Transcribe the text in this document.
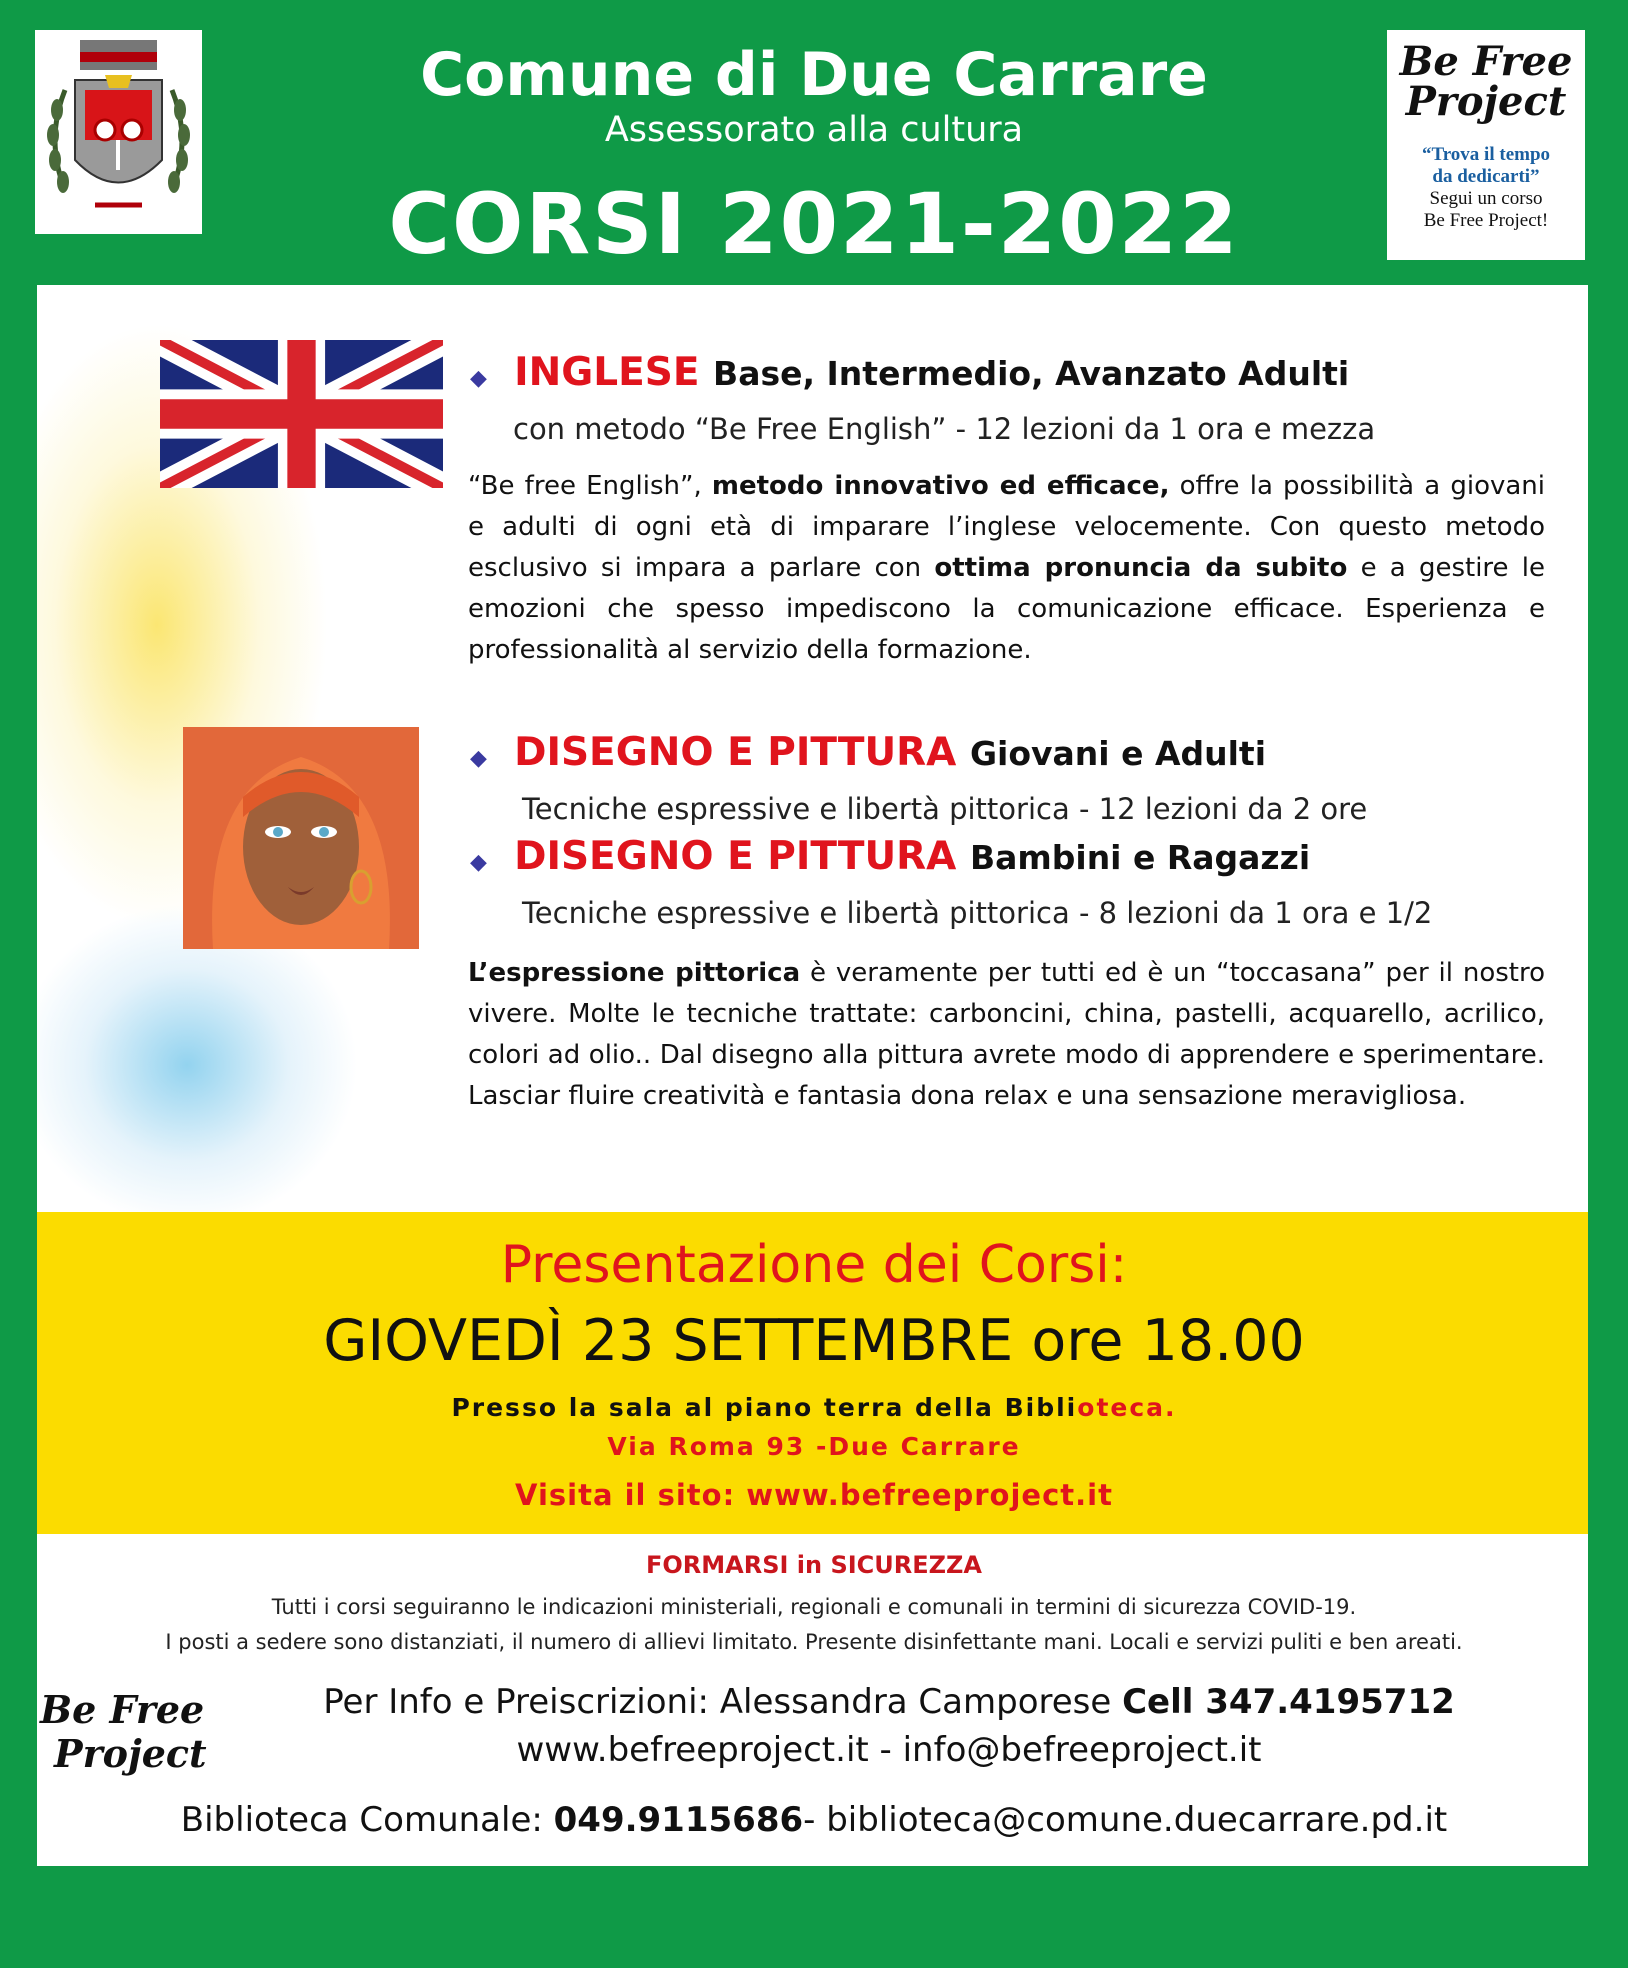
Comune di Due Carrare
Assessorato alla cultura
CORSI 2021-2022
Be Free
Project
“Trova il tempo
da dedicarti”
Segui un corso
Be Free Project!
◆ INGLESE Base, Intermedio, Avanzato Adulti
con metodo “Be Free English” - 12 lezioni da 1 ora e mezza
“Be free English”, metodo innovativo ed efficace, offre la possibilità a giovani e adulti di ogni età di imparare l’inglese velocemente. Con questo metodo esclusivo si impara a parlare con ottima pronuncia da subito e a gestire le emozioni che spesso impediscono la comunicazione efficace. Esperienza e professionalità al servizio della formazione.
◆ DISEGNO E PITTURA Giovani e Adulti
Tecniche espressive e libertà pittorica - 12 lezioni da 2 ore
◆ DISEGNO E PITTURA Bambini e Ragazzi
Tecniche espressive e libertà pittorica - 8 lezioni da 1 ora e 1/2
L’espressione pittorica è veramente per tutti ed è un “toccasana” per il nostro vivere. Molte le tecniche trattate: carboncini, china, pastelli, acquarello, acrilico, colori ad olio.. Dal disegno alla pittura avrete modo di apprendere e sperimentare. Lasciar fluire creatività e fantasia dona relax e una sensazione meravigliosa.
Presentazione dei Corsi:
GIOVEDÌ 23 SETTEMBRE ore 18.00
Presso la sala al piano terra della Biblioteca.
Via Roma 93 -Due Carrare
Visita il sito: www.befreeproject.it
FORMARSI in SICUREZZA
Tutti i corsi seguiranno le indicazioni ministeriali, regionali e comunali in termini di sicurezza COVID-19.
I posti a sedere sono distanziati, il numero di allievi limitato. Presente disinfettante mani. Locali e servizi puliti e ben areati.
Be Free
Project
Per Info e Preiscrizioni: Alessandra Camporese Cell 347.4195712
www.befreeproject.it - info@befreeproject.it
Biblioteca Comunale: 049.9115686- biblioteca@comune.duecarrare.pd.it
